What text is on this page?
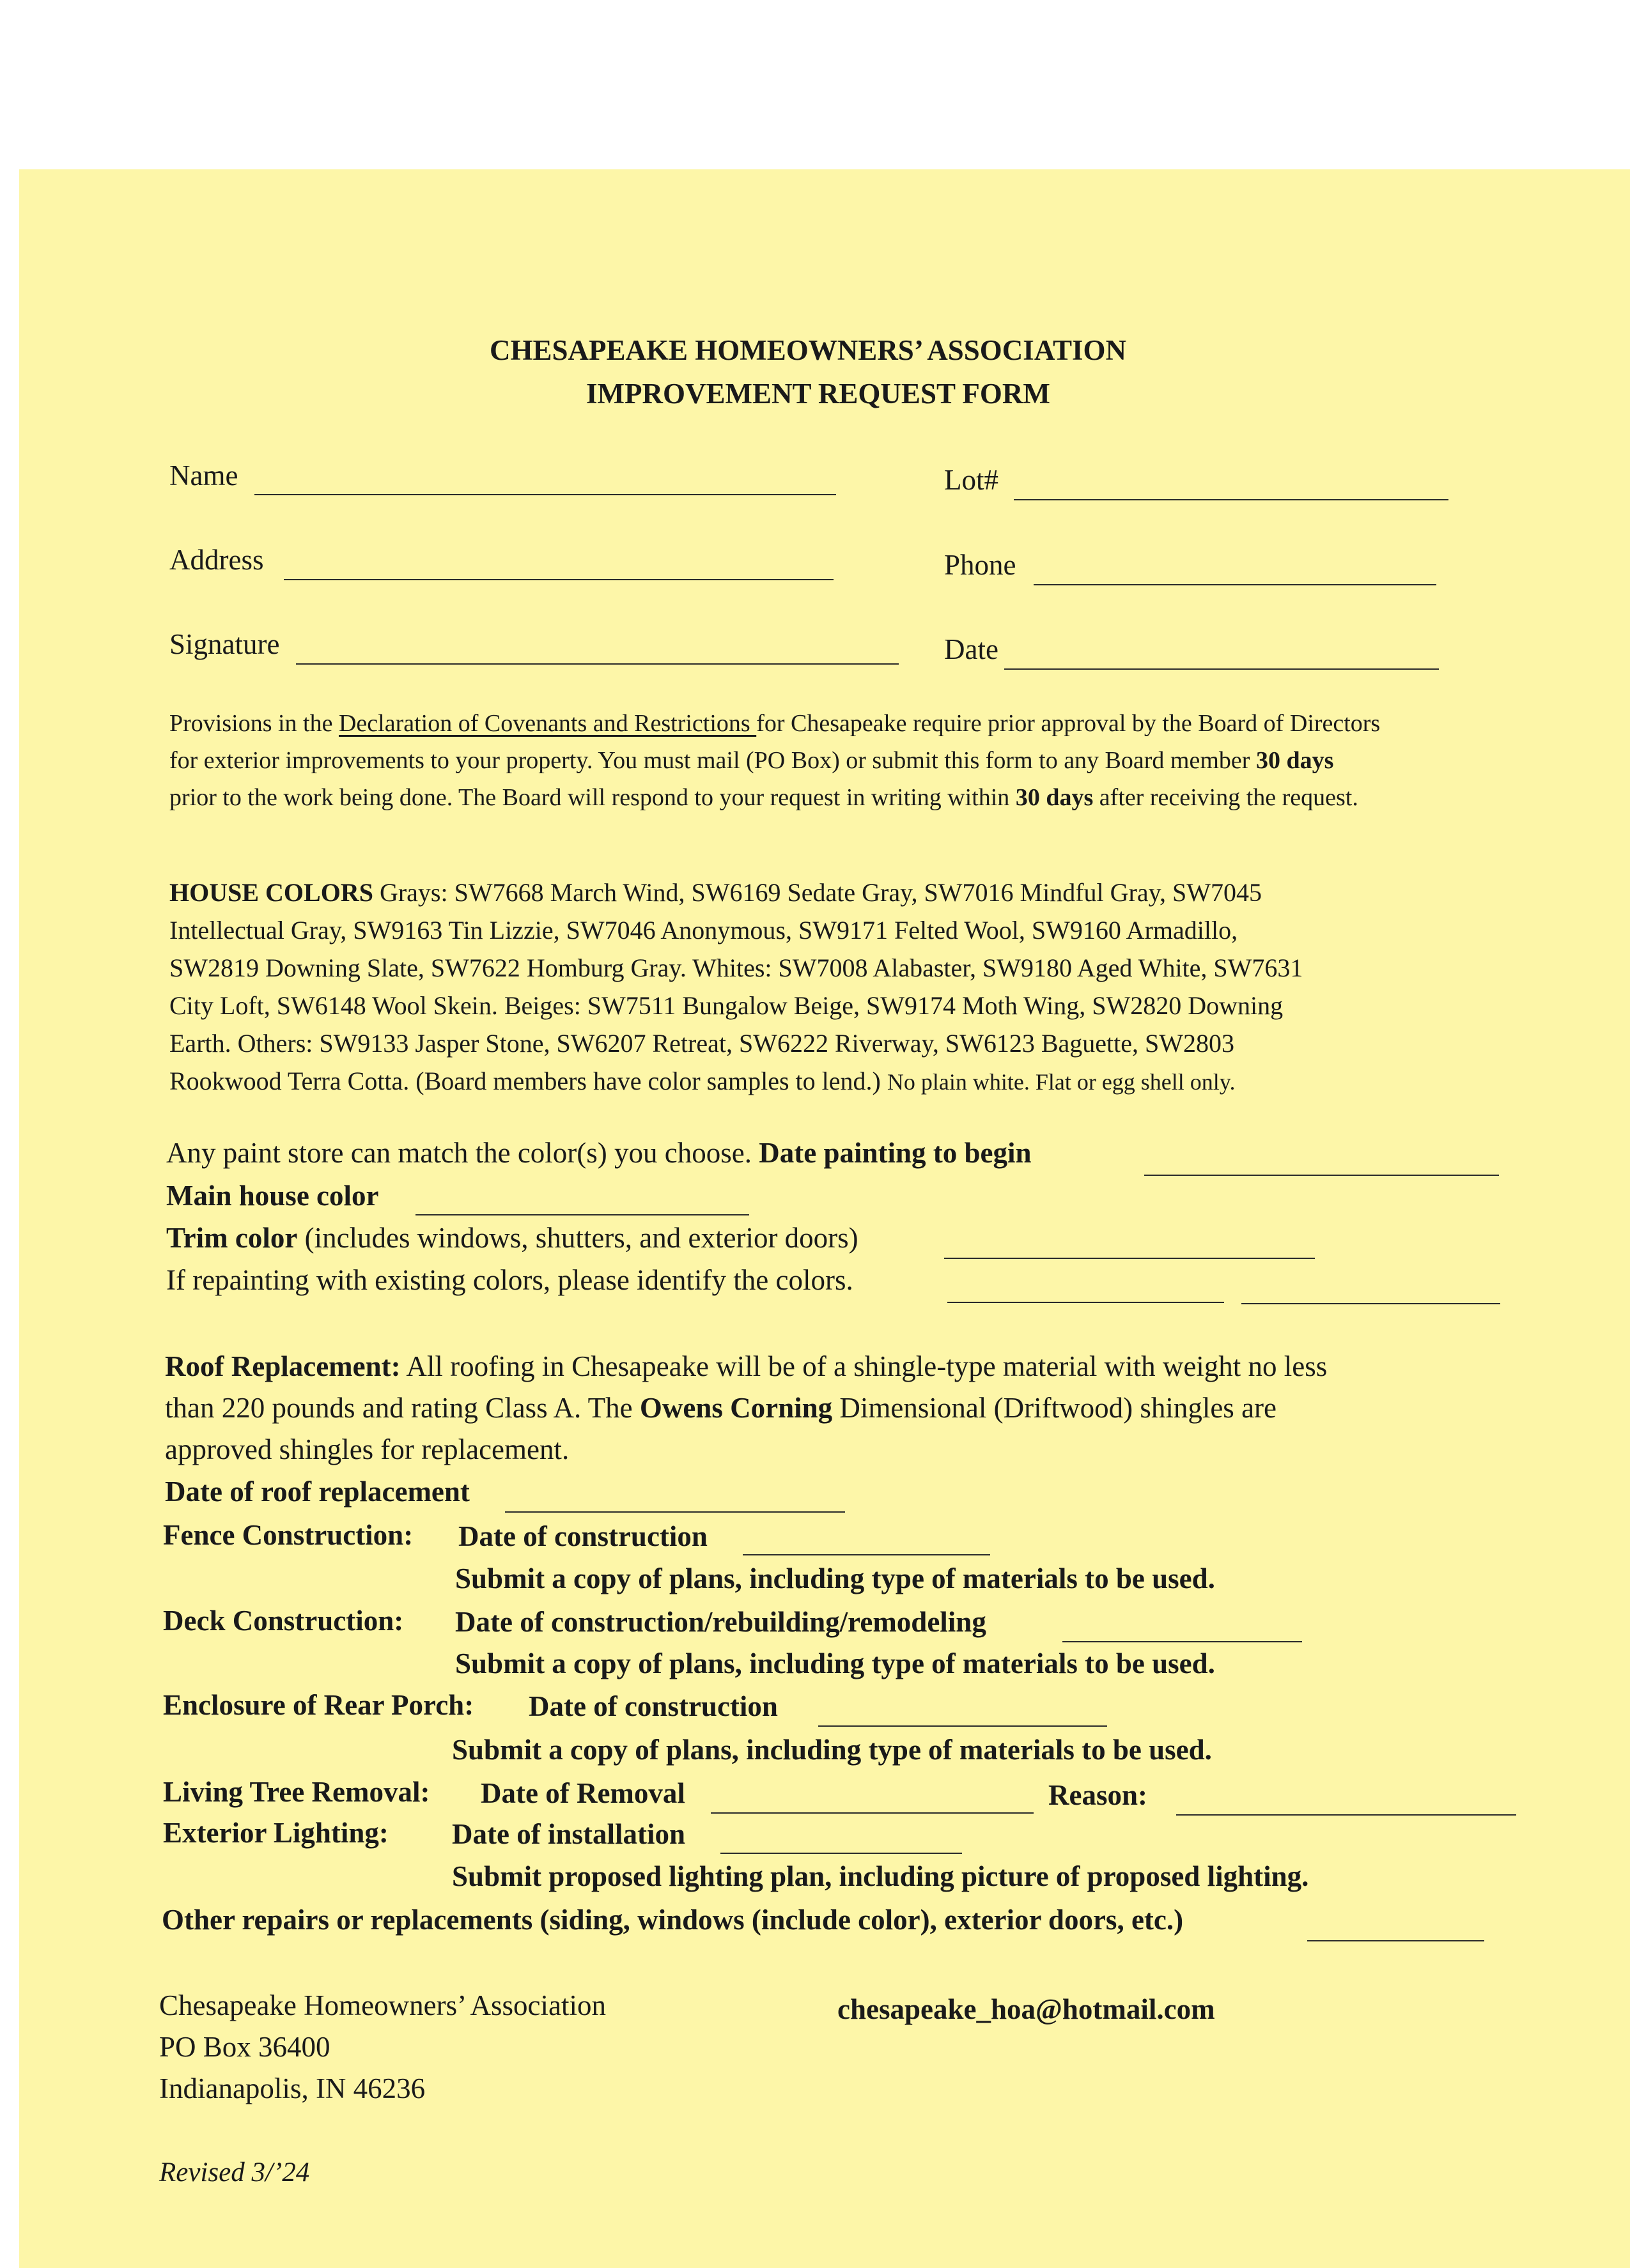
CHESAPEAKE HOMEOWNERS’ ASSOCIATION
IMPROVEMENT REQUEST FORM
Name	Lot#
Address	Phone
Signature	Date
Provisions in the Declaration of Covenants and Restrictions for Chesapeake require prior approval by the Board of Directors
for exterior improvements to your property. You must mail (PO Box) or submit this form to any Board member 30 days
prior to the work being done. The Board will respond to your request in writing within 30 days after receiving the request.
HOUSE COLORS Grays: SW7668 March Wind, SW6169 Sedate Gray, SW7016 Mindful Gray, SW7045
Intellectual Gray, SW9163 Tin Lizzie, SW7046 Anonymous, SW9171 Felted Wool, SW9160 Armadillo,
SW2819 Downing Slate, SW7622 Homburg Gray. Whites: SW7008 Alabaster, SW9180 Aged White, SW7631
City Loft, SW6148 Wool Skein. Beiges: SW7511 Bungalow Beige, SW9174 Moth Wing, SW2820 Downing
Earth. Others: SW9133 Jasper Stone, SW6207 Retreat, SW6222 Riverway, SW6123 Baguette, SW2803
Rookwood Terra Cotta. (Board members have color samples to lend.) No plain white. Flat or egg shell only.
Any paint store can match the color(s) you choose. Date painting to begin
Main house color
Trim color (includes windows, shutters, and exterior doors)
If repainting with existing colors, please identify the colors.
Roof Replacement: All roofing in Chesapeake will be of a shingle-type material with weight no less
than 220 pounds and rating Class A. The Owens Corning Dimensional (Driftwood) shingles are
approved shingles for replacement.
Date of roof replacement
Fence Construction: Date of construction
Submit a copy of plans, including type of materials to be used.
Deck Construction: Date of construction/rebuilding/remodeling
Submit a copy of plans, including type of materials to be used.
Enclosure of Rear Porch: Date of construction
Submit a copy of plans, including type of materials to be used.
Living Tree Removal: Date of Removal	Reason:
Exterior Lighting: Date of installation
Submit proposed lighting plan, including picture of proposed lighting.
Other repairs or replacements (siding, windows (include color), exterior doors, etc.)
Chesapeake Homeowners’ Association
PO Box 36400
Indianapolis, IN 46236
chesapeake_hoa@hotmail.com
Revised 3/’24
